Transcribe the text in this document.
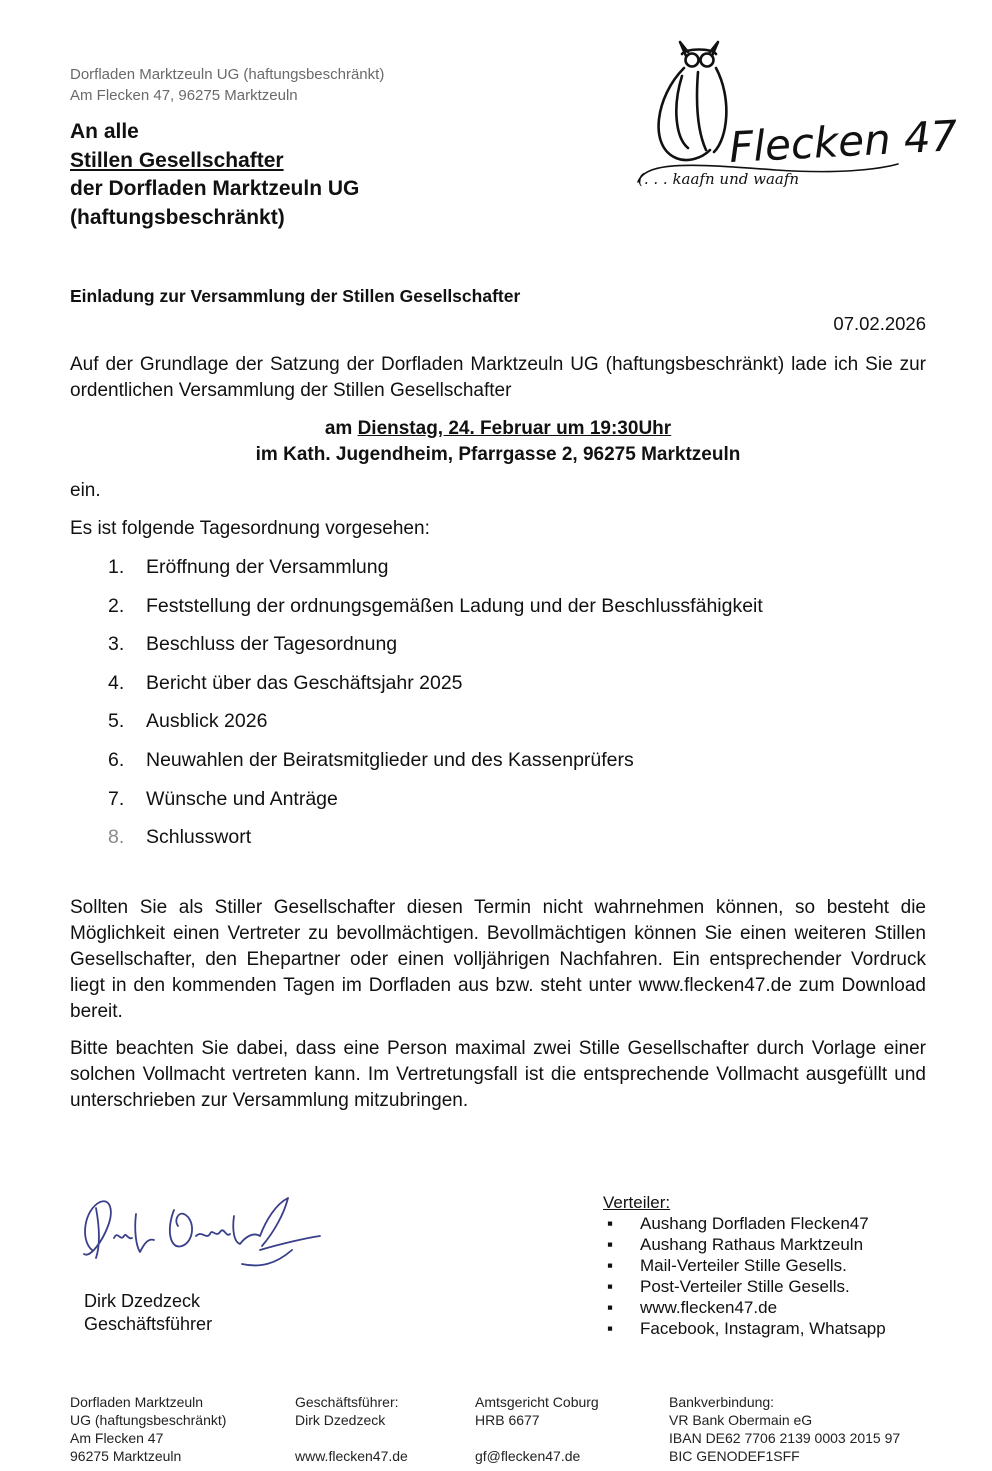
Dorfladen Marktzeuln UG (haftungsbeschränkt)
Am Flecken 47, 96275 Marktzeuln
An alle
Stillen Gesellschafter
der Dorfladen Marktzeuln UG
(haftungsbeschränkt)
Flecken 47
(. . . kaafn und waafn
Einladung zur Versammlung der Stillen Gesellschafter
07.02.2026
Auf der Grundlage der Satzung der Dorfladen Marktzeuln UG (haftungsbeschränkt) lade ich Sie zur ordentlichen Versammlung der Stillen Gesellschafter
am Dienstag, 24. Februar um 19:30Uhr
im Kath. Jugendheim, Pfarrgasse 2, 96275 Marktzeuln
ein.
Es ist folgende Tagesordnung vorgesehen:
1.	Eröffnung der Versammlung
2.	Feststellung der ordnungsgemäßen Ladung und der Beschlussfähigkeit
3.	Beschluss der Tagesordnung
4.	Bericht über das Geschäftsjahr 2025
5.	Ausblick 2026
6.	Neuwahlen der Beiratsmitglieder und des Kassenprüfers
7.	Wünsche und Anträge
8.	Schlusswort
Sollten Sie als Stiller Gesellschafter diesen Termin nicht wahrnehmen können, so besteht die Möglichkeit einen Vertreter zu bevollmächtigen. Bevollmächtigen können Sie einen weiteren Stillen Gesellschafter, den Ehepartner oder einen volljährigen Nachfahren. Ein entsprechender Vordruck liegt in den kommenden Tagen im Dorfladen aus bzw. steht unter www.flecken47.de zum Download bereit.
Bitte beachten Sie dabei, dass eine Person maximal zwei Stille Gesellschafter durch Vorlage einer solchen Vollmacht vertreten kann. Im Vertretungsfall ist die entsprechende Vollmacht ausgefüllt und unterschrieben zur Versammlung mitzubringen.
Dirk Dzedzeck
Geschäftsführer
Verteiler:
▪	Aushang Dorfladen Flecken47
▪	Aushang Rathaus Marktzeuln
▪	Mail-Verteiler Stille Gesells.
▪	Post-Verteiler Stille Gesells.
▪	www.flecken47.de
▪	Facebook, Instagram, Whatsapp
Dorfladen Marktzeuln
UG (haftungsbeschränkt)
Am Flecken 47
96275 Marktzeuln
Geschäftsführer:
Dirk Dzedzeck
www.flecken47.de
Amtsgericht Coburg
HRB 6677
gf@flecken47.de
Bankverbindung:
VR Bank Obermain eG
IBAN DE62 7706 2139 0003 2015 97
BIC GENODEF1SFF
